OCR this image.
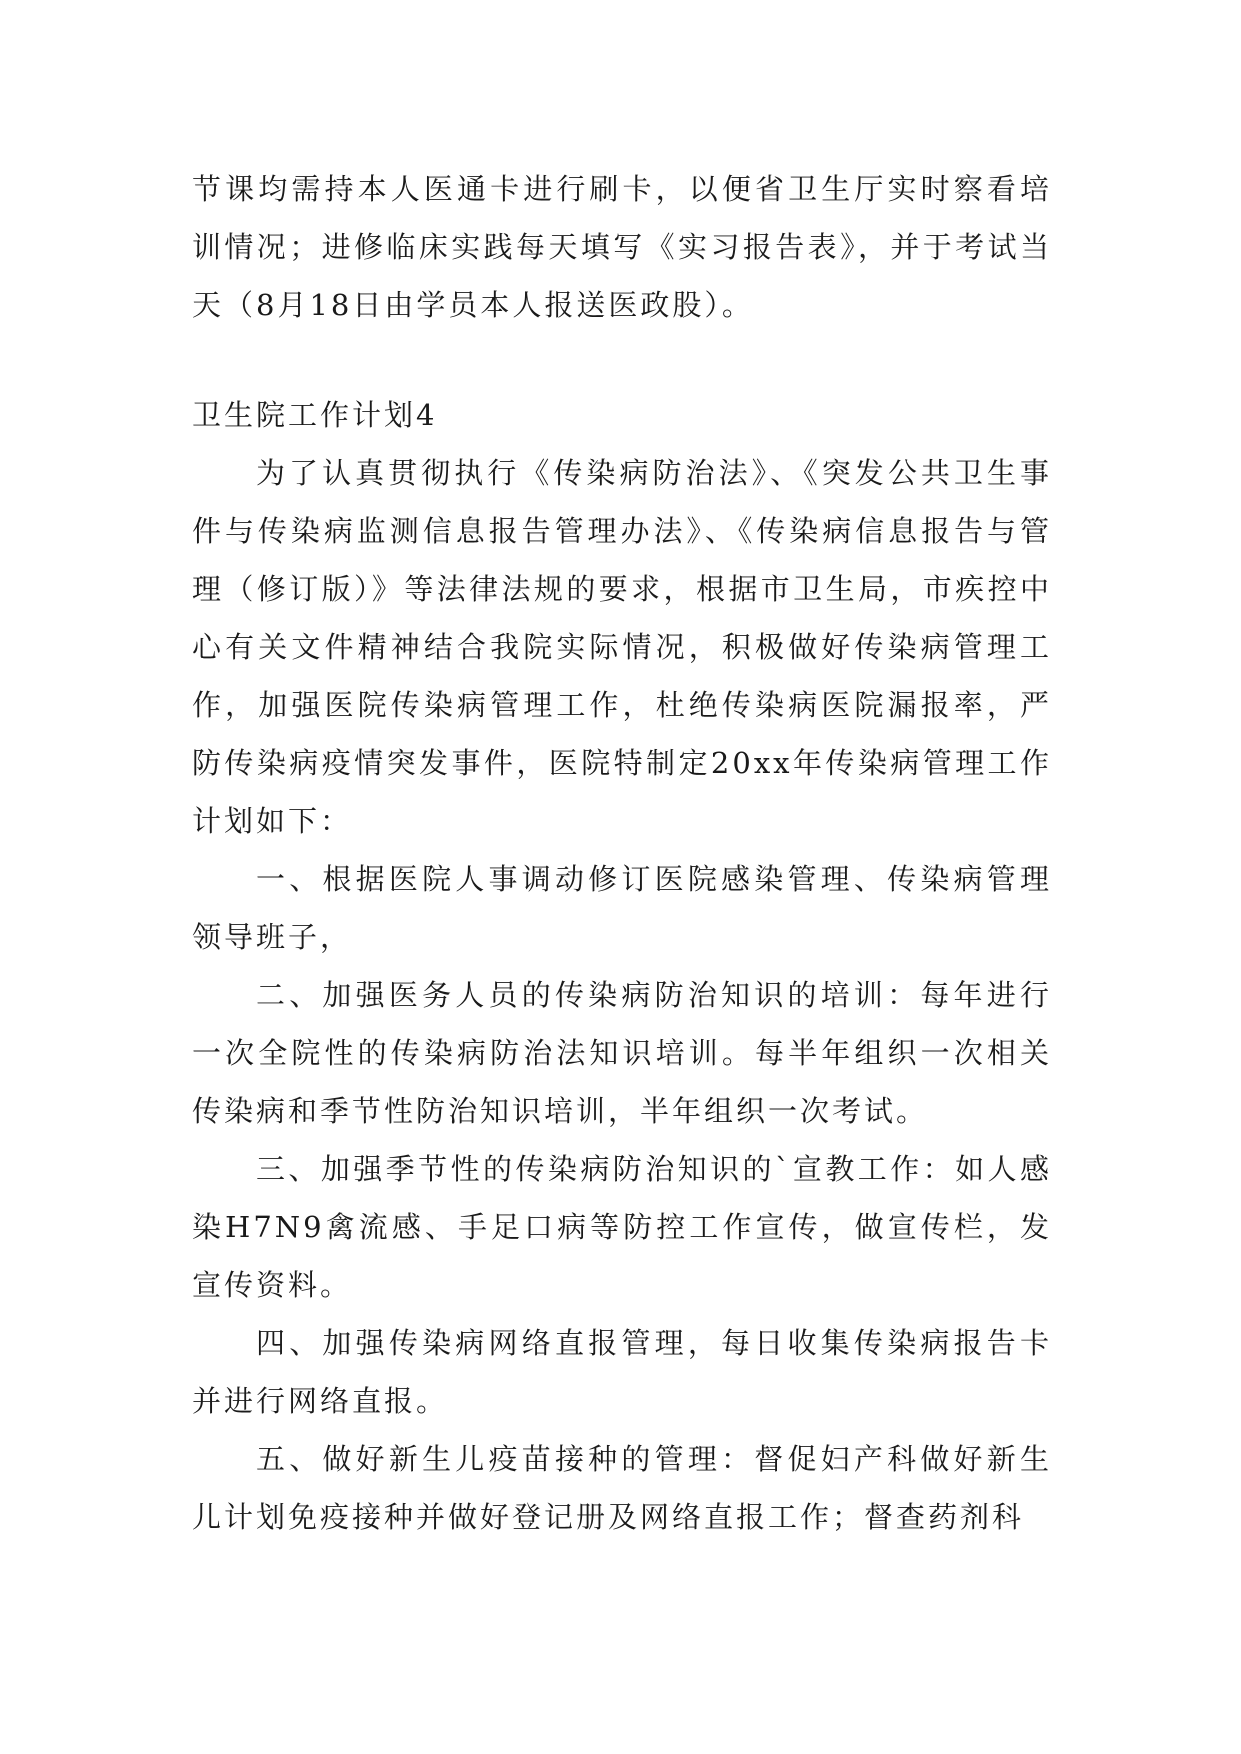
节课均需持本人医通卡进行刷卡，以便省卫生厅实时察看培训情况；进修临床实践每天填写《实习报告表》，并于考试当天（8月18日由学员本人报送医政股）。

卫生院工作计划4

为了认真贯彻执行《传染病防治法》、《突发公共卫生事件与传染病监测信息报告管理办法》、《传染病信息报告与管理（修订版）》等法律法规的要求，根据市卫生局，市疾控中心有关文件精神结合我院实际情况，积极做好传染病管理工作，加强医院传染病管理工作，杜绝传染病医院漏报率，严防传染病疫情突发事件，医院特制定20xx年传染病管理工作计划如下：

一、根据医院人事调动修订医院感染管理、传染病管理领导班子，

二、加强医务人员的传染病防治知识的培训：每年进行一次全院性的传染病防治法知识培训。每半年组织一次相关传染病和季节性防治知识培训，半年组织一次考试。

三、加强季节性的传染病防治知识的`宣教工作：如人感染H7N9禽流感、手足口病等防控工作宣传，做宣传栏，发宣传资料。

四、加强传染病网络直报管理，每日收集传染病报告卡并进行网络直报。

五、做好新生儿疫苗接种的管理：督促妇产科做好新生儿计划免疫接种并做好登记册及网络直报工作；督查药剂科
